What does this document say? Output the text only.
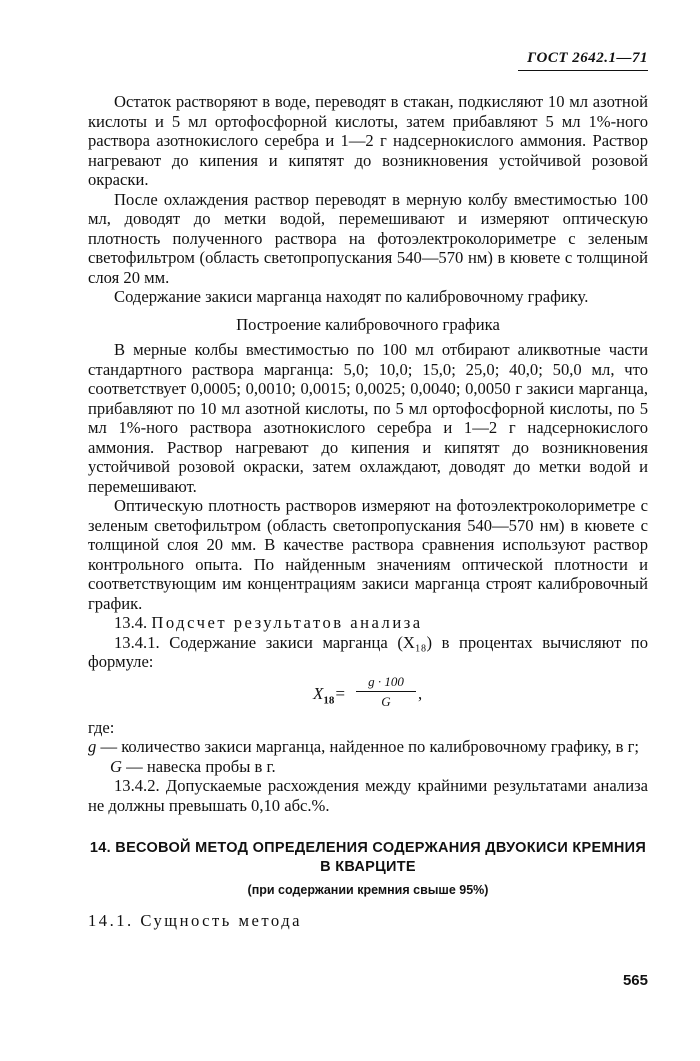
ГОСТ 2642.1—71

Остаток растворяют в воде, переводят в стакан, подкисляют 10 мл азотной кислоты и 5 мл ортофосфорной кислоты, затем прибавляют 5 мл 1%-ного раствора азотнокислого серебра и 1—2 г надсернокислого аммония. Раствор нагревают до кипения и кипятят до возникновения устойчивой розовой окраски.

После охлаждения раствор переводят в мерную колбу вместимостью 100 мл, доводят до метки водой, перемешивают и измеряют оптическую плотность полученного раствора на фотоэлектроколориметре с зеленым светофильтром (область светопропускания 540—570 нм) в кювете с толщиной слоя 20 мм.

Содержание закиси марганца находят по калибровочному графику.

Построение калибровочного графика

В мерные колбы вместимостью по 100 мл отбирают аликвотные части стандартного раствора марганца: 5,0; 10,0; 15,0; 25,0; 40,0; 50,0 мл, что соответствует 0,0005; 0,0010; 0,0015; 0,0025; 0,0040; 0,0050 г закиси марганца, прибавляют по 10 мл азотной кислоты, по 5 мл ортофосфорной кислоты, по 5 мл 1%-ного раствора азотнокислого серебра и 1—2 г надсернокислого аммония. Раствор нагревают до кипения и кипятят до возникновения устойчивой розовой окраски, затем охлаждают, доводят до метки водой и перемешивают.

Оптическую плотность растворов измеряют на фотоэлектроколориметре с зеленым светофильтром (область светопропускания 540—570 нм) в кювете с толщиной слоя 20 мм. В качестве раствора сравнения используют раствор контрольного опыта. По найденным значениям оптической плотности и соответствующим им концентрациям закиси марганца строят калибровочный график.

13.4. Подсчет результатов анализа

13.4.1. Содержание закиси марганца (X₁₈) в процентах вычисляют по формуле:

$X_{18}=$
g · 100
G	,

где:

g — количество закиси марганца, найденное по калибровочному графику, в г;

G — навеска пробы в г.

13.4.2. Допускаемые расхождения между крайними результатами анализа не должны превышать 0,10 абс.%.

14. ВЕСОВОЙ МЕТОД ОПРЕДЕЛЕНИЯ СОДЕРЖАНИЯ ДВУОКИСИ КРЕМНИЯ В КВАРЦИТЕ
(при содержании кремния свыше 95%)

14.1. Сущность метода

565
